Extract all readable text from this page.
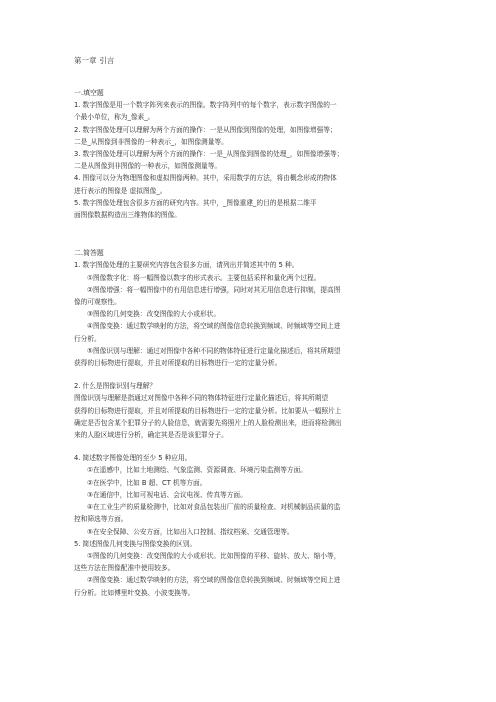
第一章 引言
一.填空题
1. 数字图像是用一个数字阵列来表示的图像。数字阵列中的每个数字，表示数字图像的一
个最小单位，称为_像素_。
2. 数字图像处理可以理解为两个方面的操作：一是从图像到图像的处理，如图像增强等；
二是_从图像到非图像的一种表示_，如图像测量等。
3. 数字图像处理可以理解为两个方面的操作：一是_从图像到图像的处理_，如图像增强等；
二是从图像到非图像的一种表示，如图像测量等。
4. 图像可以分为物理图像和虚拟图像两种。其中，采用数学的方法，将由概念形成的物体
进行表示的图像是 虚拟图像_。
5. 数字图像处理包含很多方面的研究内容。其中，_图像重建_的目的是根据二维平
面图像数据构造出三维物体的图像。
二.简答题
1. 数字图像处理的主要研究内容包含很多方面，请列出并简述其中的 5 种。
①图像数字化：将一幅图像以数字的形式表示。主要包括采样和量化两个过程。
②图像增强：将一幅图像中的有用信息进行增强，同时对其无用信息进行抑制，提高图
像的可观察性。
③图像的几何变换：改变图像的大小或形状。
④图像变换：通过数学映射的方法，将空域的图像信息转换到频域、时频域等空间上进
行分析。
⑤图像识别与理解：通过对图像中各种不同的物体特征进行定量化描述后，将其所期望
获得的目标物进行提取，并且对所提取的目标物进行一定的定量分析。
2. 什么是图像识别与理解？
图像识别与理解是指通过对图像中各种不同的物体特征进行定量化描述后，将其所期望
获得的目标物进行提取，并且对所提取的目标物进行一定的定量分析。比如要从一幅照片上
确定是否包含某个犯罪分子的人脸信息，就需要先将照片上的人脸检测出来，进而将检测出
来的人脸区域进行分析，确定其是否是该犯罪分子。
4. 简述数字图像处理的至少 5 种应用。
①在遥感中，比如土地测绘、气象监测、资源调查、环境污染监测等方面。
②在医学中，比如 B 超、CT 机等方面。
③在通信中，比如可视电话、会议电视、传真等方面。
④在工业生产的质量检测中，比如对食品包装出厂前的质量检查、对机械制品质量的监
控和筛选等方面。
⑤在安全保障、公安方面，比如出入口控制、指纹档案、交通管理等。
5. 简述图像几何变换与图像变换的区别。
①图像的几何变换：改变图像的大小或形状。比如图像的平移、旋转、放大、缩小等，
这些方法在图像配准中使用较多。
②图像变换：通过数学映射的方法，将空域的图像信息转换到频域、时频域等空间上进
行分析。比如傅里叶变换、小波变换等。
